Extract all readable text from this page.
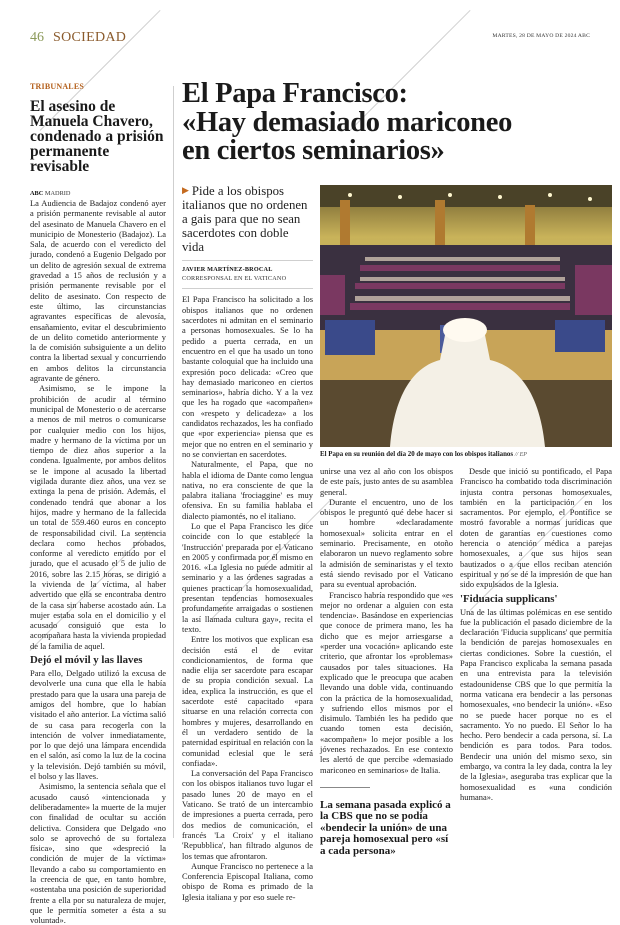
46 SOCIEDAD	MARTES, 28 DE MAYO DE 2024 ABC
TRIBUNALES
El asesino de Manuela Chavero, condenado a prisión permanente revisable
ABC MADRID

La Audiencia de Badajoz condenó ayer a prisión permanente revisable al autor del asesinato de Manuela Chavero en el municipio de Monesterio (Badajoz). La Sala, de acuerdo con el veredicto del jurado, condenó a Eugenio Delgado por un delito de agresión sexual de extrema gravedad a 15 años de reclusión y a prisión permanente revisable por el delito de asesinato. Con respecto de este último, las circunstancias agravantes específicas de alevosía, ensañamiento, evitar el descubrimiento de un delito cometido anteriormente y la de comisión subsiguiente a un delito contra la libertad sexual y concurriendo en ambos delitos la circunstancia agravante de género.

Asimismo, se le impone la prohibición de acudir al término municipal de Monesterio o de acercarse a menos de mil metros o comunicarse por cualquier medio con los hijos, madre y hermano de la víctima por un tiempo de diez años superior a la condena. Igualmente, por ambos delitos se le impone al acusado la libertad vigilada durante diez años, una vez se extinga la pena de prisión. Además, el condenado tendrá que abonar a los hijos, madre y hermano de la fallecida un total de 559.460 euros en concepto de responsabilidad civil. La sentencia declara como hechos probados, conforme al veredicto emitido por el jurado, que el acusado el 5 de julio de 2016, sobre las 2.15 horas, se dirigió a la vivienda de la víctima, al haber advertido que ella se encontraba dentro de la casa sin haberse acostado aún. La mujer estaba sola en el domicilio y el acusado consiguió que esta lo acompañara hasta la vivienda propiedad de la familia de aquel.

Dejó el móvil y las llaves

Para ello, Delgado utilizó la excusa de devolverle una cuna que ella le había prestado para que la usara una pareja de amigos del hombre, que lo habían visitado el año anterior. La víctima salió de su casa para recogerla con la intención de volver inmediatamente, por lo que dejó una lámpara encendida en el salón, así como la luz de la cocina y la televisión. Dejó también su móvil, el bolso y las llaves.

Asimismo, la sentencia señala que el acusado causó «intencionada y deliberadamente» la muerte de la mujer con finalidad de ocultar su acción delictiva. Considera que Delgado «no solo se aprovechó de su fortaleza física», sino que «despreció la condición de mujer de la víctima» llevando a cabo su comportamiento en la creencia de que, en tanto hombre, «ostentaba una posición de superioridad frente a ella por su naturaleza de mujer, que le permitía someter a ésta a su voluntad».

El Papa Francisco:
«Hay demasiado mariconeo
en ciertos seminarios»
▶ Pide a los obispos italianos que no ordenen a gais para que no sean sacerdotes con doble vida
JAVIER MARTÍNEZ-BROCAL
CORRESPONSAL EN EL VATICANO

El Papa Francisco ha solicitado a los obispos italianos que no ordenen sacerdotes ni admitan en el seminario a personas homosexuales. Se lo ha pedido a puerta cerrada, en un encuentro en el que ha usado un tono bastante coloquial que ha incluido una expresión poco delicada: «Creo que hay demasiado mariconeo en ciertos seminarios», habría dicho. Y a la vez que les ha rogado que «acompañen» con «respeto y delicadeza» a los candidatos rechazados, les ha confiado que «por experiencia» piensa que es mejor que no entren en el seminario y no se conviertan en sacerdotes.

Naturalmente, el Papa, que no habla el idioma de Dante como lengua nativa, no era consciente de que la palabra italiana 'frociaggine' es muy ofensiva. En su familia hablaba el dialecto piamontés, no el italiano.

Lo que el Papa Francisco les dice coincide con lo que establece la 'Instrucción' preparada por el Vaticano en 2005 y confirmada por él mismo en 2016. «La Iglesia no puede admitir al seminario y a las órdenes sagradas a quienes practican la homosexualidad, presentan tendencias homosexuales profundamente arraigadas o sostienen la así llamada cultura gay», recita el texto.

Entre los motivos que explican esa decisión está el de evitar condicionamientos, de forma que nadie elija ser sacerdote para escapar de su propia condición sexual. La idea, explica la instrucción, es que el sacerdote esté capacitado «para situarse en una relación correcta con hombres y mujeres, desarrollando en él un verdadero sentido de la paternidad espiritual en relación con la comunidad eclesial que le será confiada».

La conversación del Papa Francisco con los obispos italianos tuvo lugar el pasado lunes 20 de mayo en el Vaticano. Se trató de un intercambio de impresiones a puerta cerrada, pero dos medios de comunicación, el francés 'La Croix' y el italiano 'Repubblica', han filtrado algunos de los temas que afrontaron.

Aunque Francisco no pertenece a la Conferencia Episcopal Italiana, como obispo de Roma es primado de la Iglesia italiana y por eso suele re-

El Papa en su reunión del día 20 de mayo con los obispos italianos // EP

unirse una vez al año con los obispos de este país, justo antes de su asamblea general.

Durante el encuentro, uno de los obispos le preguntó qué debe hacer si un hombre «declaradamente homosexual» solicita entrar en el seminario. Precisamente, en otoño elaboraron un nuevo reglamento sobre la admisión de seminaristas y el texto está siendo revisado por el Vaticano para su eventual aprobación.

Francisco habría respondido que «es mejor no ordenar a alguien con esta tendencia». Basándose en experiencias que conoce de primera mano, les ha dicho que es mejor arriesgarse a «perder una vocación» aplicando este criterio, que afrontar los «problemas» causados por tales situaciones. Ha explicado que le preocupa que acaben llevando una doble vida, continuando con la práctica de la homosexualidad, y sufriendo ellos mismos por el disimulo. También les ha pedido que cuando tomen esta decisión, «acompañen» lo mejor posible a los jóvenes rechazados. En ese contexto les alertó de que percibe «demasiado mariconeo en seminarios» de Italia.

La semana pasada explicó a la CBS que no se podía «bendecir la unión» de una pareja homosexual pero «sí a cada persona»

Desde que inició su pontificado, el Papa Francisco ha combatido toda discriminación injusta contra personas homosexuales, también en la participación en los sacramentos. Por ejemplo, el Pontífice se mostró favorable a normas jurídicas que doten de garantías en cuestiones como herencia o atención médica a parejas homosexuales, a que sus hijos sean bautizados o a que ellos reciban atención espiritual y no se dé la impresión de que han sido expulsados de la Iglesia.

'Fiduacia supplicans'

Una de las últimas polémicas en ese sentido fue la publicación el pasado diciembre de la declaración 'Fiducia supplicans' que permitía la bendición de parejas homosexuales en ciertas condiciones. Sobre la cuestión, el Papa Francisco explicaba la semana pasada en una entrevista para la televisión estadounidense CBS que lo que permitía la norma vaticana era bendecir a las personas homosexuales, «no bendecir la unión». «Eso no se puede hacer porque no es el sacramento. Yo no puedo. El Señor lo ha hecho. Pero bendecir a cada persona, sí. La bendición es para todos. Para todos. Bendecir una unión del mismo sexo, sin embargo, va contra la ley dada, contra la ley de la Iglesia», aseguraba tras explicar que la homosexualidad es «una condición humana».
